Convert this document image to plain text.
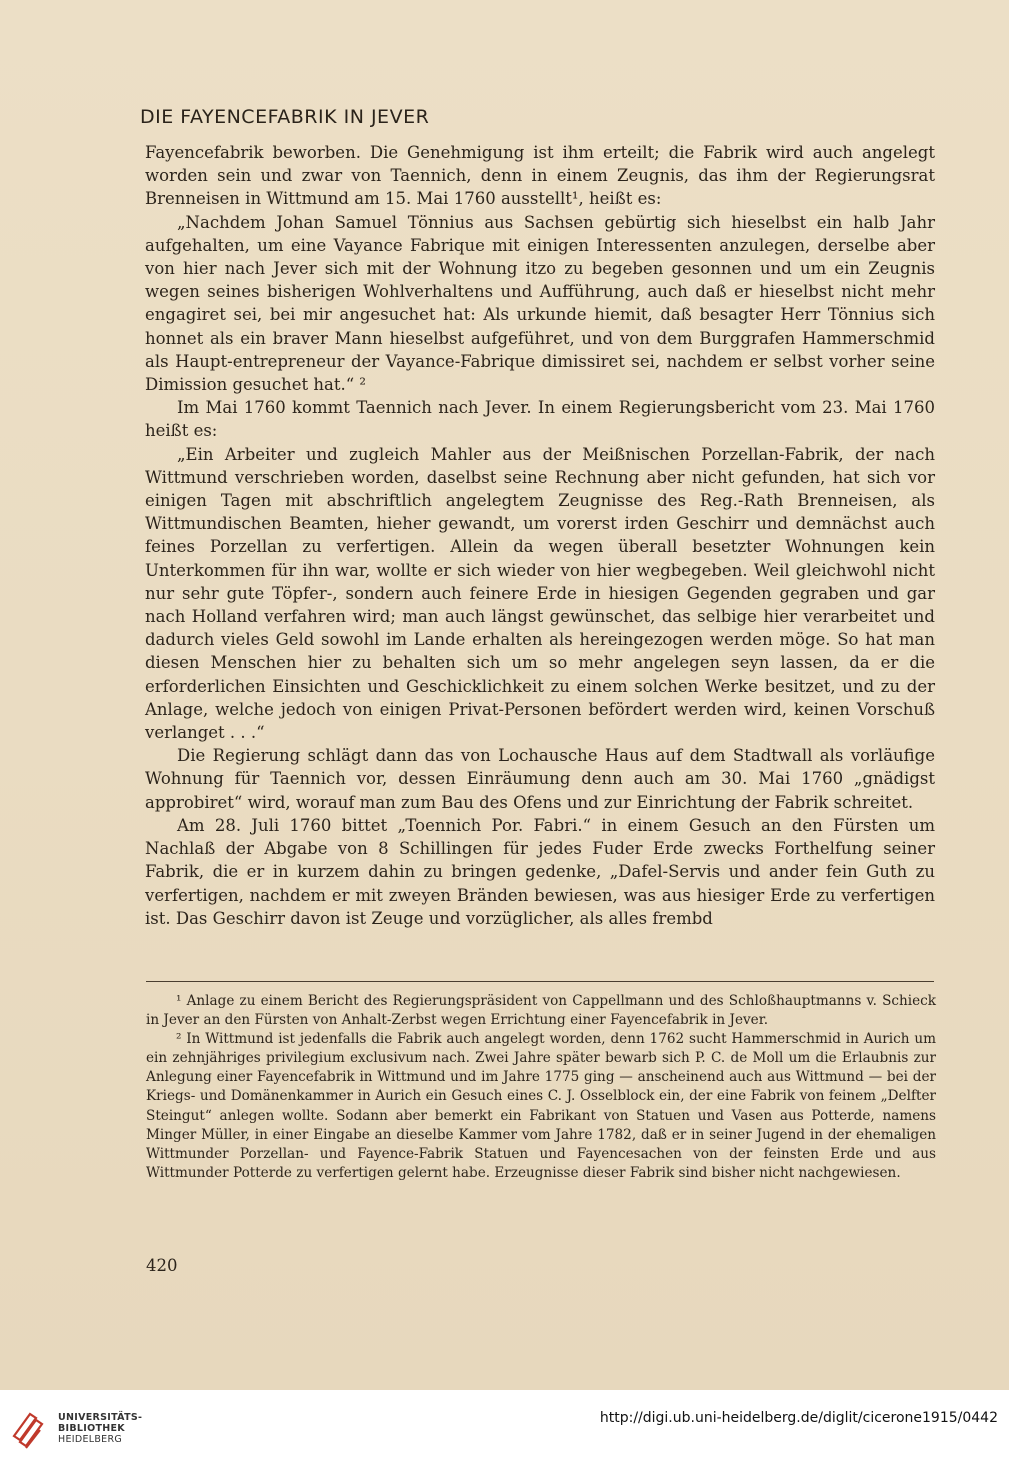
DIE FAYENCEFABRIK IN JEVER

Fayencefabrik beworben. Die Genehmigung ist ihm erteilt; die Fabrik wird auch angelegt worden sein und zwar von Taennich, denn in einem Zeugnis, das ihm der Regierungsrat Brenneisen in Wittmund am 15. Mai 1760 ausstellt¹, heißt es:

„Nachdem Johan Samuel Tönnius aus Sachsen gebürtig sich hieselbst ein halb Jahr aufgehalten, um eine Vayance Fabrique mit einigen Interessenten anzulegen, derselbe aber von hier nach Jever sich mit der Wohnung itzo zu begeben gesonnen und um ein Zeugnis wegen seines bisherigen Wohlverhaltens und Aufführung, auch daß er hieselbst nicht mehr engagiret sei, bei mir angesuchet hat: Als urkunde hiemit, daß besagter Herr Tönnius sich honnet als ein braver Mann hieselbst aufgeführet, und von dem Burggrafen Hammerschmid als Haupt-entrepreneur der Vayance-Fabrique dimissiret sei, nachdem er selbst vorher seine Dimission gesuchet hat.“ ²

Im Mai 1760 kommt Taennich nach Jever. In einem Regierungsbericht vom 23. Mai 1760 heißt es:

„Ein Arbeiter und zugleich Mahler aus der Meißnischen Porzellan-Fabrik, der nach Wittmund verschrieben worden, daselbst seine Rechnung aber nicht gefunden, hat sich vor einigen Tagen mit abschriftlich angelegtem Zeugnisse des Reg.-Rath Brenneisen, als Wittmundischen Beamten, hieher gewandt, um vorerst irden Geschirr und demnächst auch feines Porzellan zu verfertigen. Allein da wegen überall besetzter Wohnungen kein Unterkommen für ihn war, wollte er sich wieder von hier wegbegeben. Weil gleichwohl nicht nur sehr gute Töpfer-, sondern auch feinere Erde in hiesigen Gegenden gegraben und gar nach Holland verfahren wird; man auch längst gewünschet, das selbige hier verarbeitet und dadurch vieles Geld sowohl im Lande erhalten als hereingezogen werden möge. So hat man diesen Menschen hier zu behalten sich um so mehr angelegen seyn lassen, da er die erforderlichen Einsichten und Geschicklichkeit zu einem solchen Werke besitzet, und zu der Anlage, welche jedoch von einigen Privat-Personen befördert werden wird, keinen Vorschuß verlanget . . .“

Die Regierung schlägt dann das von Lochausche Haus auf dem Stadtwall als vorläufige Wohnung für Taennich vor, dessen Einräumung denn auch am 30. Mai 1760 „gnädigst approbiret“ wird, worauf man zum Bau des Ofens und zur Einrichtung der Fabrik schreitet.

Am 28. Juli 1760 bittet „Toennich Por. Fabri.“ in einem Gesuch an den Fürsten um Nachlaß der Abgabe von 8 Schillingen für jedes Fuder Erde zwecks Forthelfung seiner Fabrik, die er in kurzem dahin zu bringen gedenke, „Dafel-Servis und ander fein Guth zu verfertigen, nachdem er mit zweyen Bränden bewiesen, was aus hiesiger Erde zu verfertigen ist. Das Geschirr davon ist Zeuge und vorzüglicher, als alles frembd

¹ Anlage zu einem Bericht des Regierungspräsident von Cappellmann und des Schloßhauptmanns v. Schieck in Jever an den Fürsten von Anhalt-Zerbst wegen Errichtung einer Fayencefabrik in Jever.

² In Wittmund ist jedenfalls die Fabrik auch angelegt worden, denn 1762 sucht Hammerschmid in Aurich um ein zehnjähriges privilegium exclusivum nach. Zwei Jahre später bewarb sich P. C. de Moll um die Erlaubnis zur Anlegung einer Fayencefabrik in Wittmund und im Jahre 1775 ging — anscheinend auch aus Wittmund — bei der Kriegs- und Domänenkammer in Aurich ein Gesuch eines C. J. Osselblock ein, der eine Fabrik von feinem „Delfter Steingut“ anlegen wollte. Sodann aber bemerkt ein Fabrikant von Statuen und Vasen aus Potterde, namens Minger Müller, in einer Eingabe an dieselbe Kammer vom Jahre 1782, daß er in seiner Jugend in der ehemaligen Wittmunder Porzellan- und Fayence-Fabrik Statuen und Fayencesachen von der feinsten Erde und aus Wittmunder Potterde zu verfertigen gelernt habe. Erzeugnisse dieser Fabrik sind bisher nicht nachgewiesen.

420
UNIVERSITÄTS-
BIBLIOTHEK
HEIDELBERG
http://digi.ub.uni-heidelberg.de/diglit/cicerone1915/0442
